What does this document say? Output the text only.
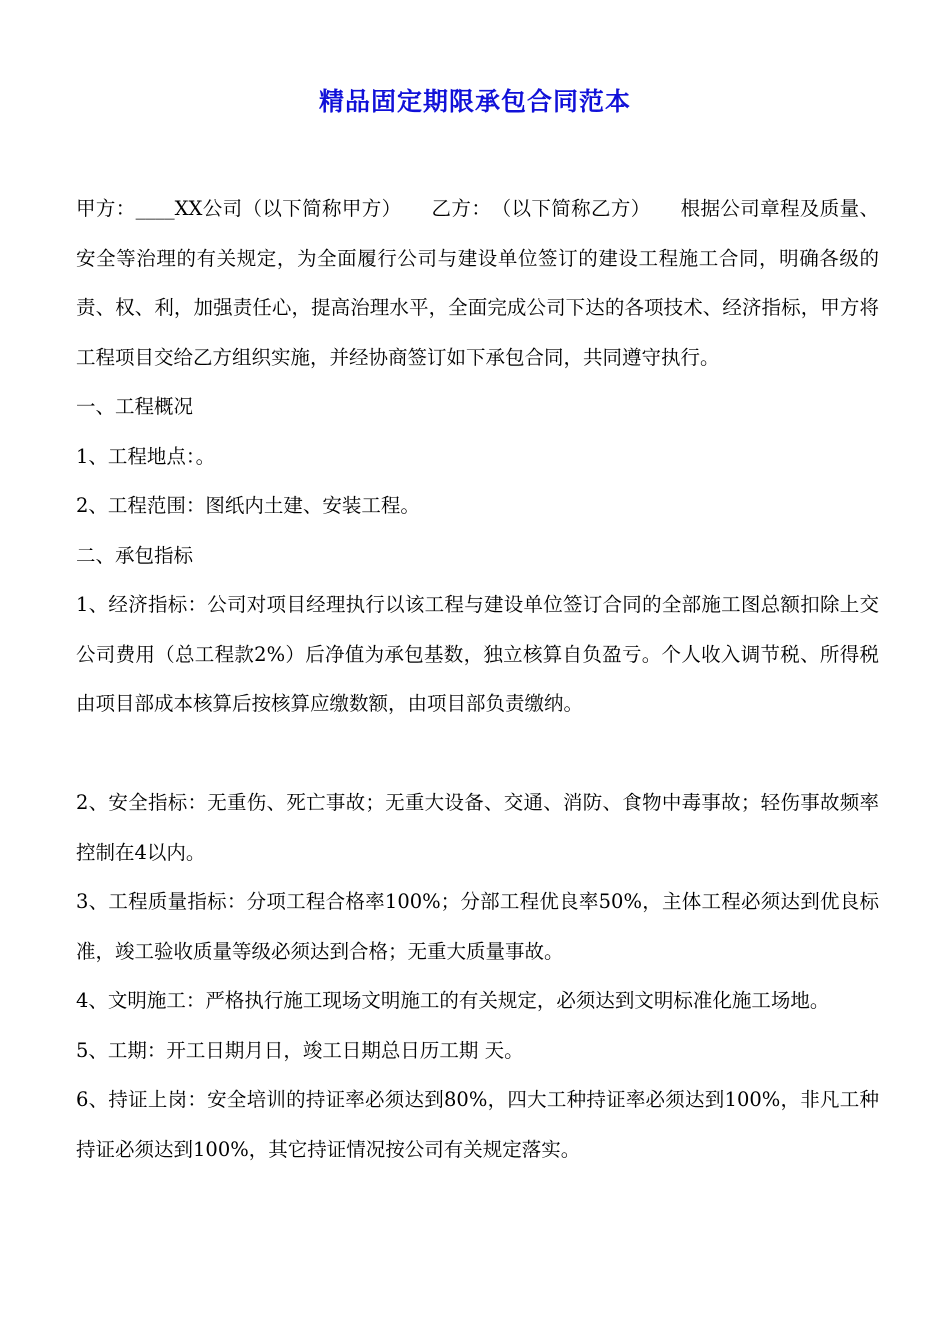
精品固定期限承包合同范本

甲方：____XX公司（以下简称甲方）　　乙方：　（以下简称乙方）　　根据公司章程及质量、安全等治理的有关规定，为全面履行公司与建设单位签订的建设工程施工合同，明确各级的责、权、利，加强责任心，提高治理水平，全面完成公司下达的各项技术、经济指标，甲方将 工程项目交给乙方组织实施，并经协商签订如下承包合同，共同遵守执行。

一、工程概况

1、工程地点：。

2、工程范围：图纸内土建、安装工程。

二、承包指标

1、经济指标：公司对项目经理执行以该工程与建设单位签订合同的全部施工图总额扣除上交公司费用（总工程款2%）后净值为承包基数，独立核算自负盈亏。个人收入调节税、所得税由项目部成本核算后按核算应缴数额，由项目部负责缴纳。

2、安全指标：无重伤、死亡事故；无重大设备、交通、消防、食物中毒事故；轻伤事故频率控制在4以内。

3、工程质量指标：分项工程合格率100%；分部工程优良率50%，主体工程必须达到优良标准，竣工验收质量等级必须达到合格；无重大质量事故。

4、文明施工：严格执行施工现场文明施工的有关规定，必须达到文明标准化施工场地。

5、工期：开工日期月日，竣工日期总日历工期 天。

6、持证上岗：安全培训的持证率必须达到80%，四大工种持证率必须达到100%，非凡工种持证必须达到100%，其它持证情况按公司有关规定落实。
